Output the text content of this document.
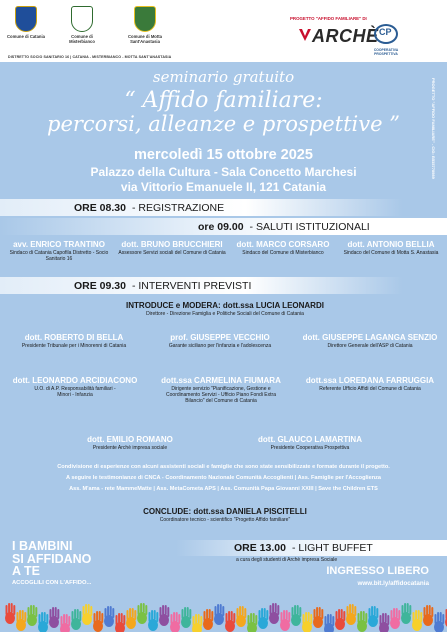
Comune di Catania	Comune di Misterbianco
Comune di Motta Sant'Anastasia
DISTRETTO SOCIO SANITARIO 16 | CATANIA - MISTERBIANCO - MOTTA SANT'ANASTASIA
PROGETTO "AFFIDO FAMILIARE" DI
ARCHÈ CP
COOPERATIVA PROSPETTIVA
PROGETTO "AFFIDO FAMILIARE" - CIG: B535778989
seminario gratuito
“ Affido familiare:
percorsi, alleanze e prospettive ”
mercoledì 15 ottobre 2025
Palazzo della Cultura - Sala Concetto Marchesi
via Vittorio Emanuele II, 121 Catania
ORE 08.30 - REGISTRAZIONE
ore 09.00 - SALUTI ISTITUZIONALI
avv. ENRICO TRANTINO
Sindaco di Catania Capofila Distretto - Socio Sanitario 16
dott. BRUNO BRUCCHIERI
Assessore Servizi sociali del Comune di Catania
dott. MARCO CORSARO
Sindaco del Comune di Misterbianco
dott. ANTONIO BELLIA
Sindaco del Comune di Motta S. Anastasia
ORE 09.30 - INTERVENTI PREVISTI
INTRODUCE e MODERA: dott.ssa LUCIA LEONARDI
Direttore - Direzione Famiglia e Politiche Sociali del Comune di Catania
dott. ROBERTO DI BELLA
Presidente Tribunale per i Minorenni di Catania
prof. GIUSEPPE VECCHIO
Garante siciliano per l'infanzia e l'adolescenza
dott. GIUSEPPE LAGANGA SENZIO
Direttore Generale dell'ASP di Catania
dott. LEONARDO ARCIDIACONO
U.O. di A.P. Responsabilità familiari - Minori - Infanzia
dott.ssa CARMELINA FIUMARA
Dirigente servizio "Pianificazione, Gestione e Coordinamento Servizi - Ufficio Piano Fondi Extra Bilancio" del Comune di Catania
dott.ssa LOREDANA FARRUGGIA
Referente Ufficio Affidi del Comune di Catania
dott. EMILIO ROMANO
Presidente Archè impresa sociale
dott. GLAUCO LAMARTINA
Presidente Cooperativa Prospettiva
Condivisione di esperienze con alcuni assistenti sociali e famiglie che sono state sensibilizzate e formate durante il progetto.
A seguire le testimonianze di CNCA - Coordinamento Nazionale Comunità Accoglienti | Ass. Famiglie per l'Accoglienza
Ass. M'ama - rete MammeMatte | Ass. MetaCometa APS | Ass. Comunità Papa Giovanni XXIII | Save the Children ETS
CONCLUDE: dott.ssa DANIELA PISCITELLI
Coordinatore tecnico - scientifico "Progetto Affido familiare"
I BAMBINI
SI AFFIDANO
A TE
ACCOGLILI CON L'AFFIDO...
ORE 13.00 - LIGHT BUFFET
a cura degli studenti di Archè impresa Sociale
INGRESSO LIBERO
www.bit.ly/affidocatania
